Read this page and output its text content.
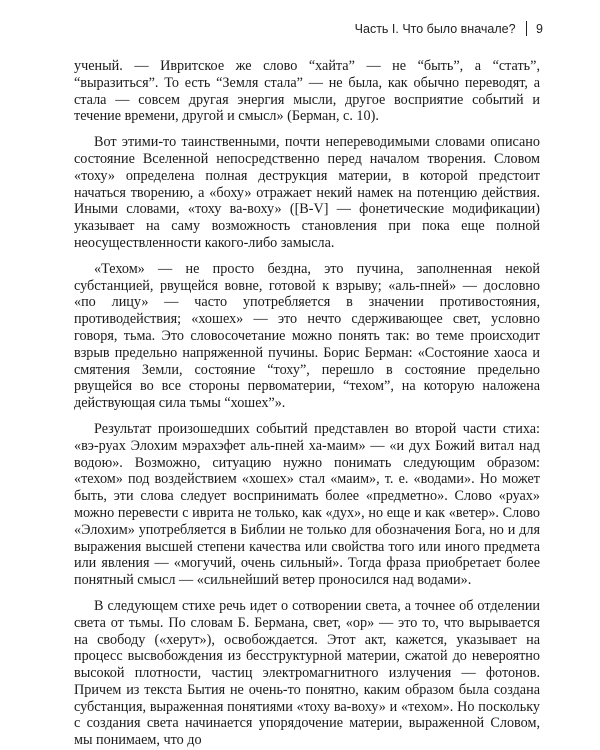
Часть I. Что было вначале? 9

ученый. — Ивритское же слово “хайта” — не “быть”, а “стать”, “выразиться”. То есть “Земля стала” — не была, как обычно переводят, а стала — совсем другая энергия мысли, другое восприятие событий и течение времени, другой и смысл» (Берман, с. 10).

Вот этими-то таинственными, почти непереводимыми словами описано состояние Вселенной непосредственно перед началом творения. Словом «тоху» определена полная деструкция материи, в которой предстоит начаться творению, а «боху» отражает некий намек на потенцию действия. Иными словами, «тоху ва-воху» ([B-V] — фонетические модификации) указывает на саму возможность становления при пока еще полной неосуществленности какого-либо замысла.

«Техом» — не просто бездна, это пучина, заполненная некой субстанцией, рвущейся вовне, готовой к взрыву; «аль-пней» — дословно «по лицу» — часто употребляется в значении противостояния, противодействия; «хошех» — это нечто сдерживающее свет, условно говоря, тьма. Это словосочетание можно понять так: во теме происходит взрыв предельно напряженной пучины. Борис Берман: «Состояние хаоса и смятения Земли, состояние “тоху”, перешло в состояние предельно рвущейся во все стороны первоматерии, “техом”, на которую наложена действующая сила тьмы “хошех”».

Результат произошедших событий представлен во второй части стиха: «вэ-руах Элохим мэрахэфет аль-пней ха-маим» — «и дух Божий витал над водою». Возможно, ситуацию нужно понимать следующим образом: «техом» под воздействием «хошех» стал «маим», т. е. «водами». Но может быть, эти слова следует воспринимать более «предметно». Слово «руах» можно перевести с иврита не только, как «дух», но еще и как «ветер». Слово «Элохим» употребляется в Библии не только для обозначения Бога, но и для выражения высшей степени качества или свойства того или иного предмета или явления — «могучий, очень сильный». Тогда фраза приобретает более понятный смысл — «сильнейший ветер проносился над водами».

В следующем стихе речь идет о сотворении света, а точнее об отделении света от тьмы. По словам Б. Бермана, свет, «ор» — это то, что вырывается на свободу («херут»), освобождается. Этот акт, кажется, указывает на процесс высвобождения из бесструктурной материи, сжатой до невероятно высокой плотности, частиц электромагнитного излучения — фотонов. Причем из текста Бытия не очень-то понятно, каким образом была создана субстанция, выраженная понятиями «тоху ва-воху» и «техом». Но поскольку с создания света начинается упорядочение материи, выраженной Словом, мы понимаем, что до
